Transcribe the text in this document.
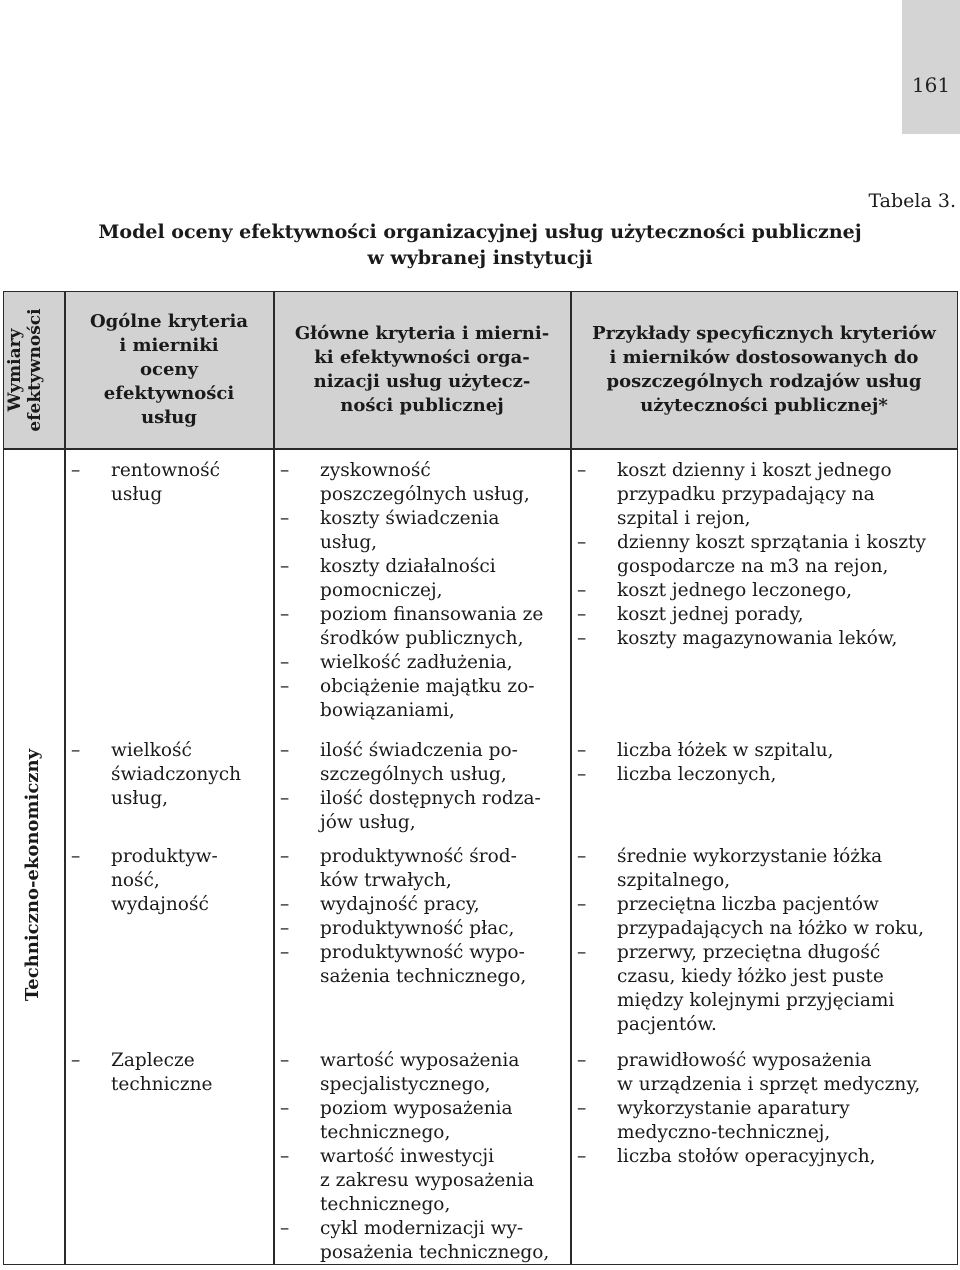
161
Tabela 3.
Model oceny efektywności organizacyjnej usług użyteczności publicznej
w wybranej instytucji
Wymiary efektywności Ogólne kryteria
i mierniki
oceny
efektywności
usług
Główne kryteria i mierni-
ki efektywności orga-
nizacji usług użytecz-
ności publicznej
Przykłady specyficznych kryteriów
i mierników dostosowanych do
poszczególnych rodzajów usług
użyteczności publicznej*
Techniczno-ekonomiczny
– rentowność
usług
– zyskowność
poszczególnych usług,
– koszty świadczenia
usług,
– koszty działalności
pomocniczej,
– poziom finansowania ze
środków publicznych,
– wielkość zadłużenia,
– obciążenie majątku zo-
bowiązaniami,
– koszt dzienny i koszt jednego
przypadku przypadający na
szpital i rejon,
– dzienny koszt sprzątania i koszty
gospodarcze na m3 na rejon,
– koszt jednego leczonego,
– koszt jednej porady,
– koszty magazynowania leków,
– wielkość
świadczonych
usług,
– ilość świadczenia po-
szczególnych usług,
– ilość dostępnych rodza-
jów usług,
– liczba łóżek w szpitalu,
– liczba leczonych,
– produktyw-
ność,
wydajność
– produktywność środ-
ków trwałych,
– wydajność pracy,
– produktywność płac,
– produktywność wypo-
sażenia technicznego,
– średnie wykorzystanie łóżka
szpitalnego,
– przeciętna liczba pacjentów
przypadających na łóżko w roku,
– przerwy, przeciętna długość
czasu, kiedy łóżko jest puste
między kolejnymi przyjęciami
pacjentów.
– Zaplecze
techniczne
– wartość wyposażenia
specjalistycznego,
– poziom wyposażenia
technicznego,
– wartość inwestycji
z zakresu wyposażenia
technicznego,
– cykl modernizacji wy-
posażenia technicznego,
– prawidłowość wyposażenia
w urządzenia i sprzęt medyczny,
– wykorzystanie aparatury
medyczno-technicznej,
– liczba stołów operacyjnych,
